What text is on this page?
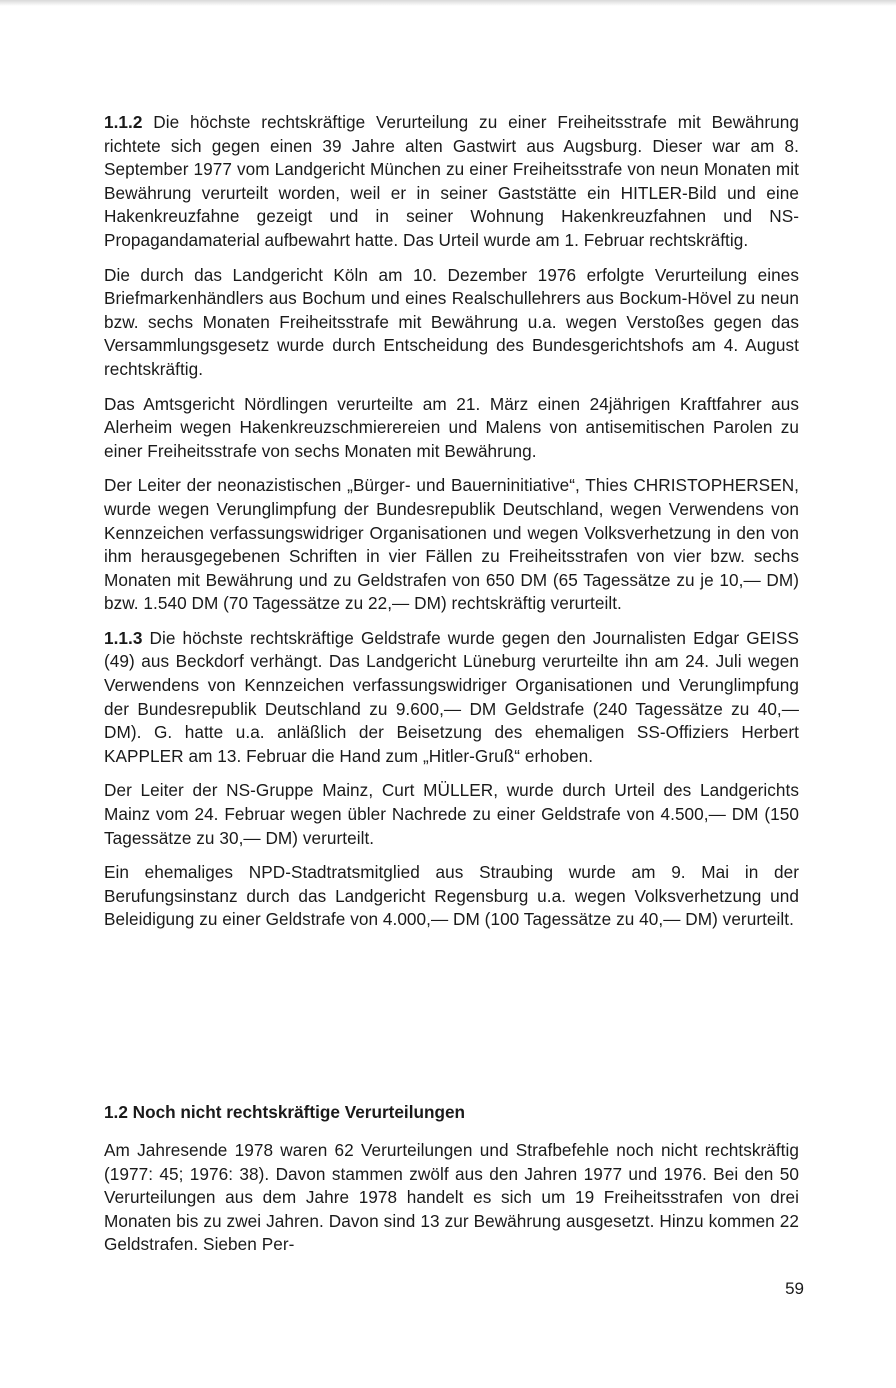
1.1.2 Die höchste rechtskräftige Verurteilung zu einer Freiheitsstrafe mit Bewährung richtete sich gegen einen 39 Jahre alten Gastwirt aus Augsburg. Dieser war am 8. September 1977 vom Landgericht München zu einer Freiheitsstrafe von neun Monaten mit Bewährung verurteilt worden, weil er in seiner Gaststätte ein HITLER-Bild und eine Hakenkreuzfahne gezeigt und in seiner Wohnung Hakenkreuzfahnen und NS-Propagandamaterial aufbewahrt hatte. Das Urteil wurde am 1. Februar rechtskräftig.

Die durch das Landgericht Köln am 10. Dezember 1976 erfolgte Verurteilung eines Briefmarkenhändlers aus Bochum und eines Realschullehrers aus Bockum-Hövel zu neun bzw. sechs Monaten Freiheitsstrafe mit Bewährung u.a. wegen Verstoßes gegen das Versammlungsgesetz wurde durch Entscheidung des Bundesgerichtshofs am 4. August rechtskräftig.

Das Amtsgericht Nördlingen verurteilte am 21. März einen 24jährigen Kraftfahrer aus Alerheim wegen Hakenkreuzschmierereien und Malens von antisemitischen Parolen zu einer Freiheitsstrafe von sechs Monaten mit Bewährung.

Der Leiter der neonazistischen „Bürger- und Bauerninitiative“, Thies CHRISTOPHERSEN, wurde wegen Verunglimpfung der Bundesrepublik Deutschland, wegen Verwendens von Kennzeichen verfassungswidriger Organisationen und wegen Volksverhetzung in den von ihm herausgegebenen Schriften in vier Fällen zu Freiheitsstrafen von vier bzw. sechs Monaten mit Bewährung und zu Geldstrafen von 650 DM (65 Tagessätze zu je 10,— DM) bzw. 1.540 DM (70 Tagessätze zu 22,— DM) rechtskräftig verurteilt.

1.1.3 Die höchste rechtskräftige Geldstrafe wurde gegen den Journalisten Edgar GEISS (49) aus Beckdorf verhängt. Das Landgericht Lüneburg verurteilte ihn am 24. Juli wegen Verwendens von Kennzeichen verfassungswidriger Organisationen und Verunglimpfung der Bundesrepublik Deutschland zu 9.600,— DM Geldstrafe (240 Tagessätze zu 40,— DM). G. hatte u.a. anläßlich der Beisetzung des ehemaligen SS-Offiziers Herbert KAPPLER am 13. Februar die Hand zum „Hitler-Gruß“ erhoben.

Der Leiter der NS-Gruppe Mainz, Curt MÜLLER, wurde durch Urteil des Landgerichts Mainz vom 24. Februar wegen übler Nachrede zu einer Geldstrafe von 4.500,— DM (150 Tagessätze zu 30,— DM) verurteilt.

Ein ehemaliges NPD-Stadtratsmitglied aus Straubing wurde am 9. Mai in der Berufungsinstanz durch das Landgericht Regensburg u.a. wegen Volksverhetzung und Beleidigung zu einer Geldstrafe von 4.000,— DM (100 Tagessätze zu 40,— DM) verurteilt.

1.2 Noch nicht rechtskräftige Verurteilungen

Am Jahresende 1978 waren 62 Verurteilungen und Strafbefehle noch nicht rechtskräftig (1977: 45; 1976: 38). Davon stammen zwölf aus den Jahren 1977 und 1976. Bei den 50 Verurteilungen aus dem Jahre 1978 handelt es sich um 19 Freiheitsstrafen von drei Monaten bis zu zwei Jahren. Davon sind 13 zur Bewährung ausgesetzt. Hinzu kommen 22 Geldstrafen. Sieben Per-

59
